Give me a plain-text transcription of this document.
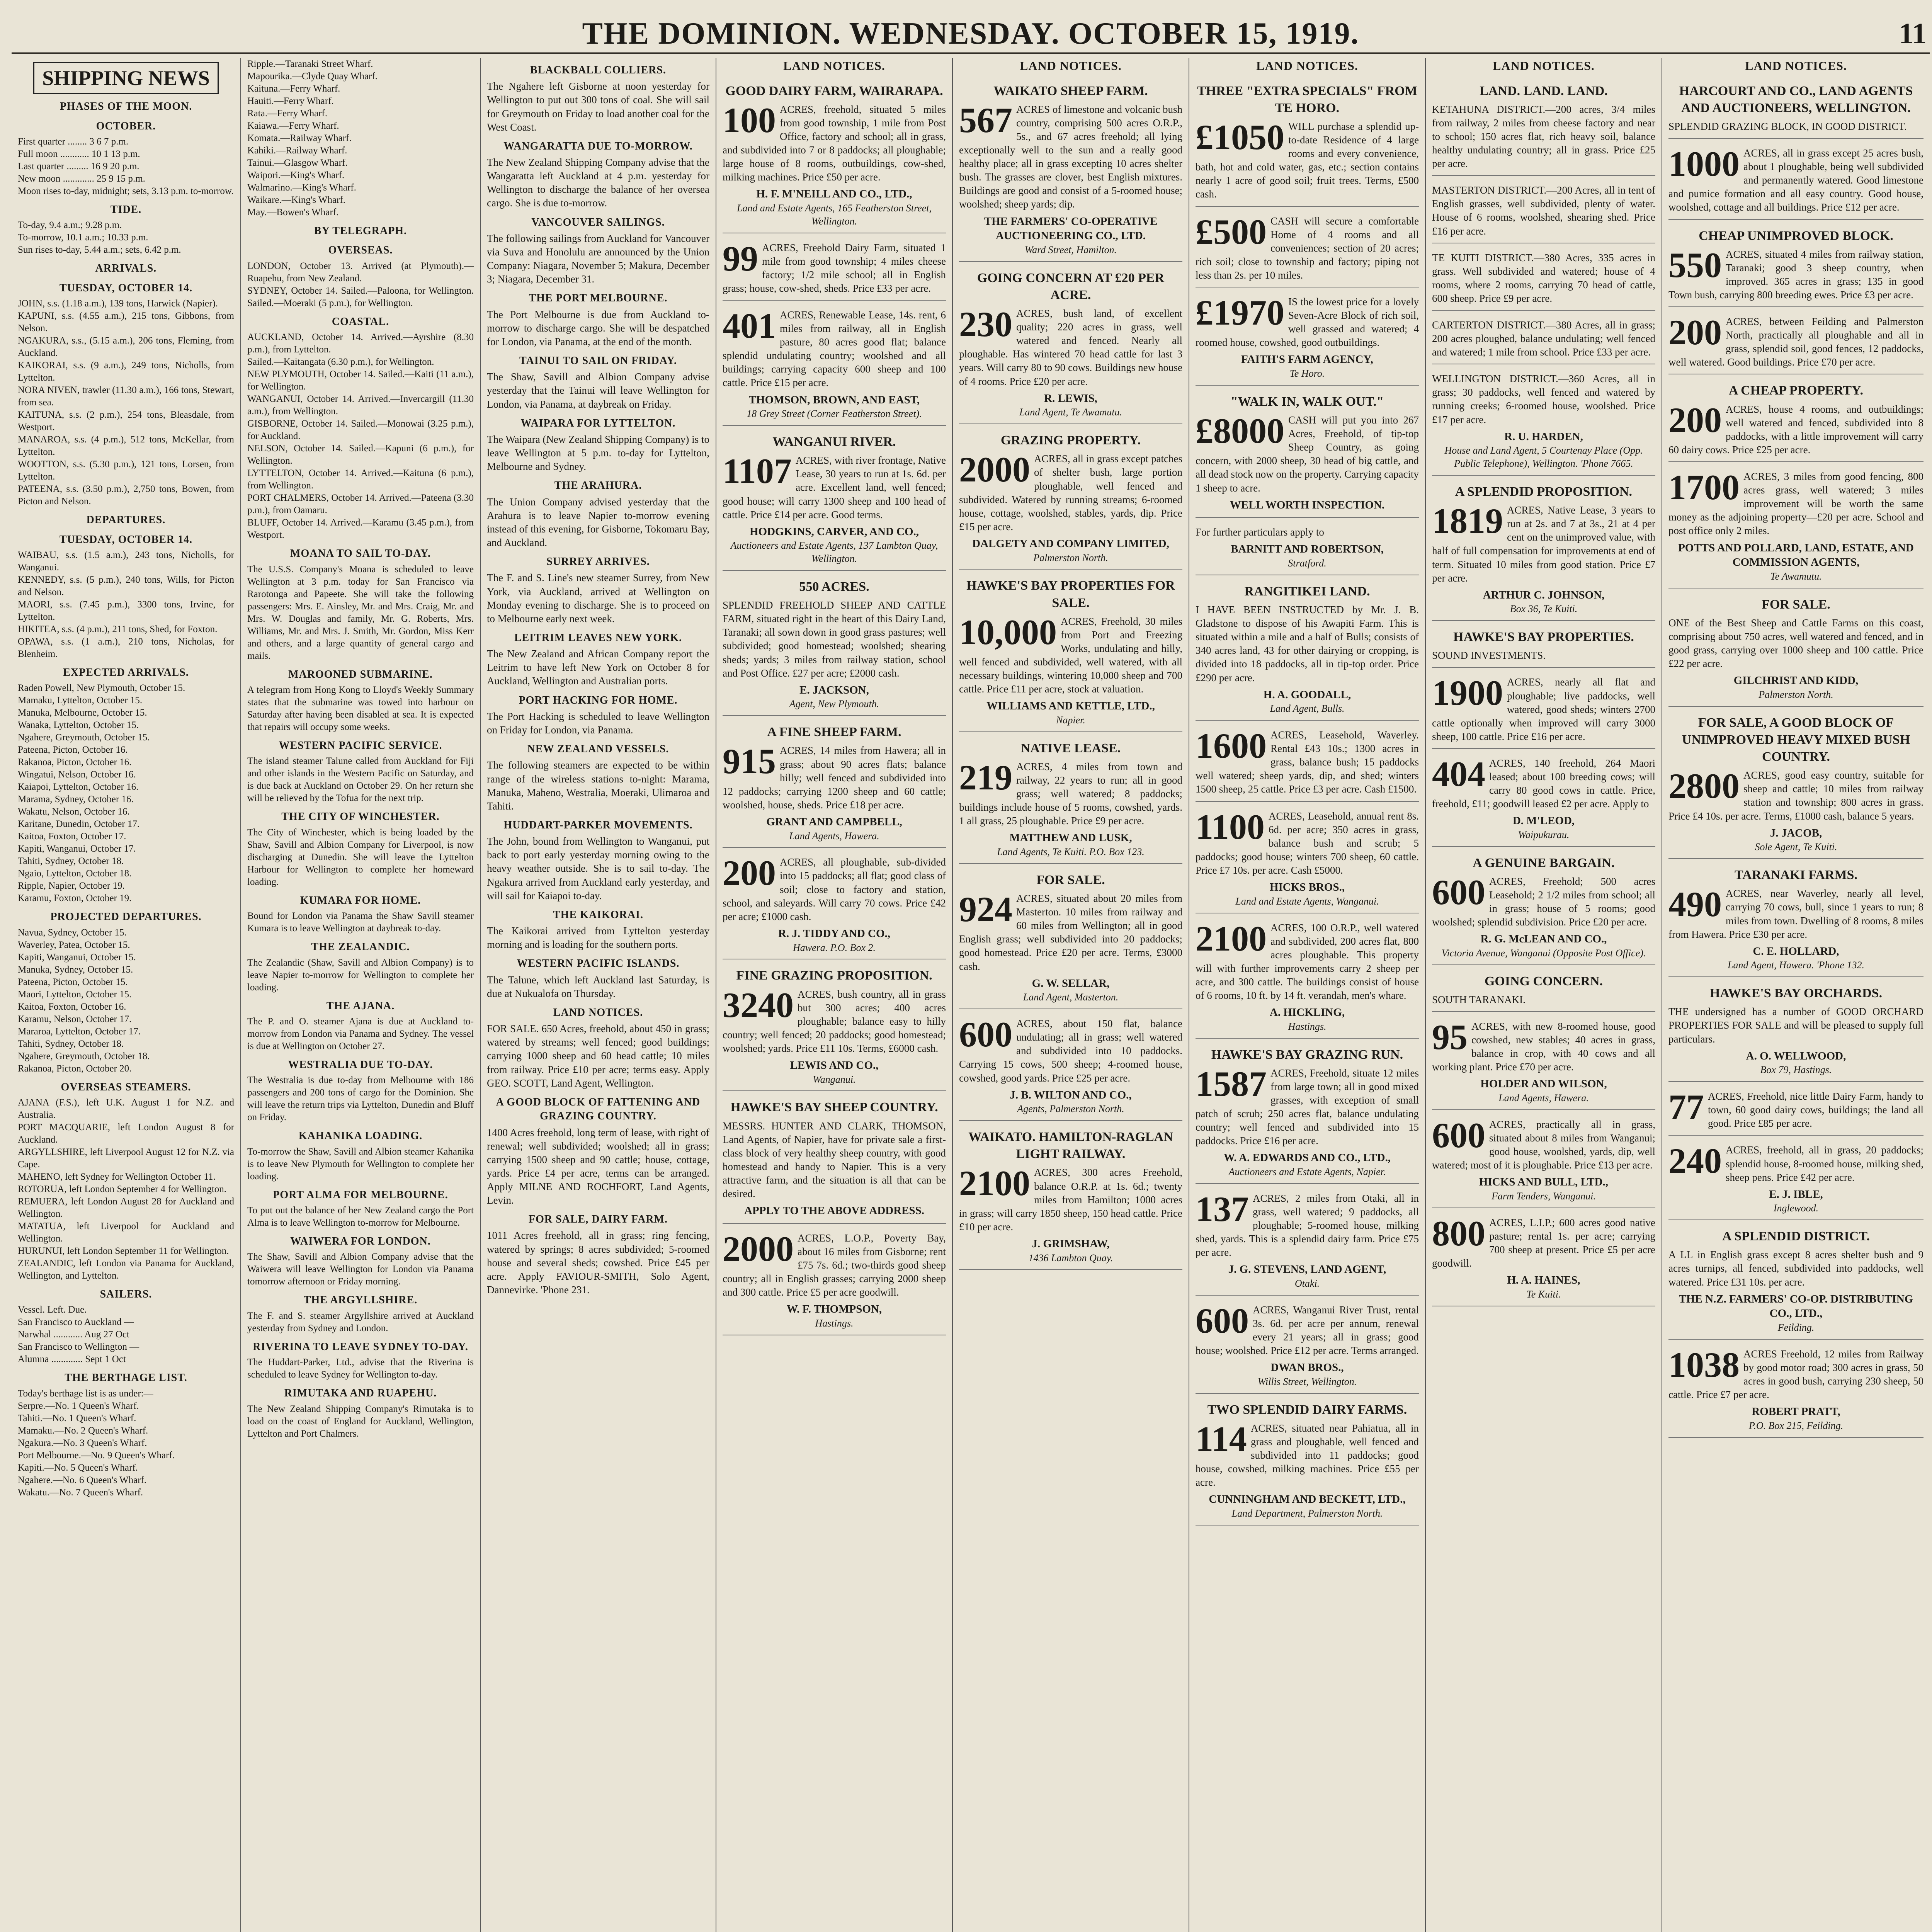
THE DOMINION. WEDNESDAY. OCTOBER 15, 1919.	11
SHIPPING NEWS
PHASES OF THE MOON.
OCTOBER.

First quarter ........ 3 6 7 p.m.

Full moon ............ 10 1 13 p.m.

Last quarter ......... 16 9 20 p.m.

New moon ............. 25 9 15 p.m.

Moon rises to-day, midnight; sets, 3.13 p.m. to-morrow.

TIDE.

To-day, 9.4 a.m.; 9.28 p.m.

To-morrow, 10.1 a.m.; 10.33 p.m.

Sun rises to-day, 5.44 a.m.; sets, 6.42 p.m.

ARRIVALS.
TUESDAY, OCTOBER 14.

JOHN, s.s. (1.18 a.m.), 139 tons, Harwick (Napier).

KAPUNI, s.s. (4.55 a.m.), 215 tons, Gibbons, from Nelson.

NGAKURA, s.s., (5.15 a.m.), 206 tons, Fleming, from Auckland.

KAIKORAI, s.s. (9 a.m.), 249 tons, Nicholls, from Lyttelton.

NORA NIVEN, trawler (11.30 a.m.), 166 tons, Stewart, from sea.

KAITUNA, s.s. (2 p.m.), 254 tons, Bleasdale, from Westport.

MANAROA, s.s. (4 p.m.), 512 tons, McKellar, from Lyttelton.

WOOTTON, s.s. (5.30 p.m.), 121 tons, Lorsen, from Lyttelton.

PATEENA, s.s. (3.50 p.m.), 2,750 tons, Bowen, from Picton and Nelson.

DEPARTURES.
TUESDAY, OCTOBER 14.

WAIBAU, s.s. (1.5 a.m.), 243 tons, Nicholls, for Wanganui.

KENNEDY, s.s. (5 p.m.), 240 tons, Wills, for Picton and Nelson.

MAORI, s.s. (7.45 p.m.), 3300 tons, Irvine, for Lyttelton.

HIKITEA, s.s. (4 p.m.), 211 tons, Shed, for Foxton.

OPAWA, s.s. (1 a.m.), 210 tons, Nicholas, for Blenheim.

EXPECTED ARRIVALS.

Raden Powell, New Plymouth, October 15.

Mamaku, Lyttelton, October 15.

Manuka, Melbourne, October 15.

Wanaka, Lyttelton, October 15.

Ngahere, Greymouth, October 15.

Pateena, Picton, October 16.

Rakanoa, Picton, October 16.

Wingatui, Nelson, October 16.

Kaiapoi, Lyttelton, October 16.

Marama, Sydney, October 16.

Wakatu, Nelson, October 16.

Karitane, Dunedin, October 17.

Kaitoa, Foxton, October 17.

Kapiti, Wanganui, October 17.

Tahiti, Sydney, October 18.

Ngaio, Lyttelton, October 18.

Ripple, Napier, October 19.

Karamu, Foxton, October 19.

PROJECTED DEPARTURES.

Navua, Sydney, October 15.

Waverley, Patea, October 15.

Kapiti, Wanganui, October 15.

Manuka, Sydney, October 15.

Pateena, Picton, October 15.

Maori, Lyttelton, October 15.

Kaitoa, Foxton, October 16.

Karamu, Nelson, October 17.

Mararoa, Lyttelton, October 17.

Tahiti, Sydney, October 18.

Ngahere, Greymouth, October 18.

Rakanoa, Picton, October 20.

OVERSEAS STEAMERS.

AJANA (F.S.), left U.K. August 1 for N.Z. and Australia.

PORT MACQUARIE, left London August 8 for Auckland.

ARGYLLSHIRE, left Liverpool August 12 for N.Z. via Cape.

MAHENO, left Sydney for Wellington October 11.

ROTORUA, left London September 4 for Wellington.

REMUERA, left London August 28 for Auckland and Wellington.

MATATUA, left Liverpool for Auckland and Wellington.

HURUNUI, left London September 11 for Wellington.

ZEALANDIC, left London via Panama for Auckland, Wellington, and Lyttelton.

SAILERS.

Vessel. Left. Due.

San Francisco to Auckland —

Narwhal ............ Aug 27 Oct

San Francisco to Wellington —

Alumna ............. Sept 1 Oct

THE BERTHAGE LIST.

Today's berthage list is as under:—

Serpre.—No. 1 Queen's Wharf.

Tahiti.—No. 1 Queen's Wharf.

Mamaku.—No. 2 Queen's Wharf.

Ngakura.—No. 3 Queen's Wharf.

Port Melbourne.—No. 9 Queen's Wharf.

Kapiti.—No. 5 Queen's Wharf.

Ngahere.—No. 6 Queen's Wharf.

Wakatu.—No. 7 Queen's Wharf.

Ripple.—Taranaki Street Wharf.

Mapourika.—Clyde Quay Wharf.

Kaituna.—Ferry Wharf.

Hauiti.—Ferry Wharf.

Rata.—Ferry Wharf.

Kaiawa.—Ferry Wharf.

Komata.—Railway Wharf.

Kahiki.—Railway Wharf.

Tainui.—Glasgow Wharf.

Waipori.—King's Wharf.

Walmarino.—King's Wharf.

Waikare.—King's Wharf.

May.—Bowen's Wharf.

BY TELEGRAPH.
OVERSEAS.

LONDON, October 13. Arrived (at Plymouth).—Ruapehu, from New Zealand.

SYDNEY, October 14. Sailed.—Paloona, for Wellington. Sailed.—Moeraki (5 p.m.), for Wellington.

COASTAL.

AUCKLAND, October 14. Arrived.—Ayrshire (8.30 p.m.), from Lyttelton.

Sailed.—Kaitangata (6.30 p.m.), for Wellington.

NEW PLYMOUTH, October 14. Sailed.—Kaiti (11 a.m.), for Wellington.

WANGANUI, October 14. Arrived.—Invercargill (11.30 a.m.), from Wellington.

GISBORNE, October 14. Sailed.—Monowai (3.25 p.m.), for Auckland.

NELSON, October 14. Sailed.—Kapuni (6 p.m.), for Wellington.

LYTTELTON, October 14. Arrived.—Kaituna (6 p.m.), from Wellington.

PORT CHALMERS, October 14. Arrived.—Pateena (3.30 p.m.), from Oamaru.

BLUFF, October 14. Arrived.—Karamu (3.45 p.m.), from Westport.

MOANA TO SAIL TO-DAY.

The U.S.S. Company's Moana is scheduled to leave Wellington at 3 p.m. today for San Francisco via Rarotonga and Papeete. She will take the following passengers: Mrs. E. Ainsley, Mr. and Mrs. Craig, Mr. and Mrs. W. Douglas and family, Mr. G. Roberts, Mrs. Williams, Mr. and Mrs. J. Smith, Mr. Gordon, Miss Kerr and others, and a large quantity of general cargo and mails.

MAROONED SUBMARINE.

A telegram from Hong Kong to Lloyd's Weekly Summary states that the submarine was towed into harbour on Saturday after having been disabled at sea. It is expected that repairs will occupy some weeks.

WESTERN PACIFIC SERVICE.

The island steamer Talune called from Auckland for Fiji and other islands in the Western Pacific on Saturday, and is due back at Auckland on October 29. On her return she will be relieved by the Tofua for the next trip.

THE CITY OF WINCHESTER.

The City of Winchester, which is being loaded by the Shaw, Savill and Albion Company for Liverpool, is now discharging at Dunedin. She will leave the Lyttelton Harbour for Wellington to complete her homeward loading.

KUMARA FOR HOME.

Bound for London via Panama the Shaw Savill steamer Kumara is to leave Wellington at daybreak to-day.

THE ZEALANDIC.

The Zealandic (Shaw, Savill and Albion Company) is to leave Napier to-morrow for Wellington to complete her loading.

THE AJANA.

The P. and O. steamer Ajana is due at Auckland to-morrow from London via Panama and Sydney. The vessel is due at Wellington on October 27.

WESTRALIA DUE TO-DAY.

The Westralia is due to-day from Melbourne with 186 passengers and 200 tons of cargo for the Dominion. She will leave the return trips via Lyttelton, Dunedin and Bluff on Friday.

KAHANIKA LOADING.

To-morrow the Shaw, Savill and Albion steamer Kahanika is to leave New Plymouth for Wellington to complete her loading.

PORT ALMA FOR MELBOURNE.

To put out the balance of her New Zealand cargo the Port Alma is to leave Wellington to-morrow for Melbourne.

WAIWERA FOR LONDON.

The Shaw, Savill and Albion Company advise that the Waiwera will leave Wellington for London via Panama tomorrow afternoon or Friday morning.

THE ARGYLLSHIRE.

The F. and S. steamer Argyllshire arrived at Auckland yesterday from Sydney and London.

RIVERINA TO LEAVE SYDNEY TO-DAY.

The Huddart-Parker, Ltd., advise that the Riverina is scheduled to leave Sydney for Wellington to-day.

RIMUTAKA AND RUAPEHU.

The New Zealand Shipping Company's Rimutaka is to load on the coast of England for Auckland, Wellington, Lyttelton and Port Chalmers.

BLACKBALL COLLIERS.

The Ngahere left Gisborne at noon yesterday for Wellington to put out 300 tons of coal. She will sail for Greymouth on Friday to load another coal for the West Coast.

WANGARATTA DUE TO-MORROW.

The New Zealand Shipping Company advise that the Wangaratta left Auckland at 4 p.m. yesterday for Wellington to discharge the balance of her oversea cargo. She is due to-morrow.

VANCOUVER SAILINGS.

The following sailings from Auckland for Vancouver via Suva and Honolulu are announced by the Union Company: Niagara, November 5; Makura, December 3; Niagara, December 31.

THE PORT MELBOURNE.

The Port Melbourne is due from Auckland to-morrow to discharge cargo. She will be despatched for London, via Panama, at the end of the month.

TAINUI TO SAIL ON FRIDAY.

The Shaw, Savill and Albion Company advise yesterday that the Tainui will leave Wellington for London, via Panama, at daybreak on Friday.

WAIPARA FOR LYTTELTON.

The Waipara (New Zealand Shipping Company) is to leave Wellington at 5 p.m. to-day for Lyttelton, Melbourne and Sydney.

THE ARAHURA.

The Union Company advised yesterday that the Arahura is to leave Napier to-morrow evening instead of this evening, for Gisborne, Tokomaru Bay, and Auckland.

SURREY ARRIVES.

The F. and S. Line's new steamer Surrey, from New York, via Auckland, arrived at Wellington on Monday evening to discharge. She is to proceed on to Melbourne early next week.

LEITRIM LEAVES NEW YORK.

The New Zealand and African Company report the Leitrim to have left New York on October 8 for Auckland, Wellington and Australian ports.

PORT HACKING FOR HOME.

The Port Hacking is scheduled to leave Wellington on Friday for London, via Panama.

NEW ZEALAND VESSELS.

The following steamers are expected to be within range of the wireless stations to-night: Marama, Manuka, Maheno, Westralia, Moeraki, Ulimaroa and Tahiti.

HUDDART-PARKER MOVEMENTS.

The John, bound from Wellington to Wanganui, put back to port early yesterday morning owing to the heavy weather outside. She is to sail to-day. The Ngakura arrived from Auckland early yesterday, and will sail for Kaiapoi to-day.

THE KAIKORAI.

The Kaikorai arrived from Lyttelton yesterday morning and is loading for the southern ports.

WESTERN PACIFIC ISLANDS.

The Talune, which left Auckland last Saturday, is due at Nukualofa on Thursday.

LAND NOTICES.

FOR SALE. 650 Acres, freehold, about 450 in grass; watered by streams; well fenced; good buildings; carrying 1000 sheep and 60 head cattle; 10 miles from railway. Price £10 per acre; terms easy. Apply GEO. SCOTT, Land Agent, Wellington.

A GOOD BLOCK OF FATTENING AND GRAZING COUNTRY.

1400 Acres freehold, long term of lease, with right of renewal; well subdivided; woolshed; all in grass; carrying 1500 sheep and 90 cattle; house, cottage, yards. Price £4 per acre, terms can be arranged. Apply MILNE AND ROCHFORT, Land Agents, Levin.

FOR SALE, DAIRY FARM.

1011 Acres freehold, all in grass; ring fencing, watered by springs; 8 acres subdivided; 5-roomed house and several sheds; cowshed. Price £45 per acre. Apply FAVIOUR-SMITH, Solo Agent, Dannevirke. 'Phone 231.

LAND NOTICES.
GOOD DAIRY FARM, WAIRARAPA.

100 ACRES, freehold, situated 5 miles from good township, 1 mile from Post Office, factory and school; all in grass, and subdivided into 7 or 8 paddocks; all ploughable; large house of 8 rooms, outbuildings, cow-shed, milking machines. Price £50 per acre.

H. F. M'NEILL AND CO., LTD.,
Land and Estate Agents, 165 Featherston Street, Wellington.

99 ACRES, Freehold Dairy Farm, situated 1 mile from good township; 4 miles cheese factory; 1/2 mile school; all in English grass; house, cow-shed, sheds. Price £33 per acre.

401 ACRES, Renewable Lease, 14s. rent, 6 miles from railway, all in English pasture, 80 acres good flat; balance splendid undulating country; woolshed and all buildings; carrying capacity 600 sheep and 100 cattle. Price £15 per acre.

THOMSON, BROWN, AND EAST,
18 Grey Street (Corner Featherston Street).
WANGANUI RIVER.

1107 ACRES, with river frontage, Native Lease, 30 years to run at 1s. 6d. per acre. Excellent land, well fenced; good house; will carry 1300 sheep and 100 head of cattle. Price £14 per acre. Good terms.

HODGKINS, CARVER, AND CO.,
Auctioneers and Estate Agents, 137 Lambton Quay, Wellington.
550 ACRES.

SPLENDID FREEHOLD SHEEP AND CATTLE FARM, situated right in the heart of this Dairy Land, Taranaki; all sown down in good grass pastures; well subdivided; good homestead; woolshed; shearing sheds; yards; 3 miles from railway station, school and Post Office. £27 per acre; £2000 cash.

E. JACKSON,
Agent, New Plymouth.
A FINE SHEEP FARM.

915 ACRES, 14 miles from Hawera; all in grass; about 90 acres flats; balance hilly; well fenced and subdivided into 12 paddocks; carrying 1200 sheep and 60 cattle; woolshed, house, sheds. Price £18 per acre.

GRANT AND CAMPBELL,
Land Agents, Hawera.

200 ACRES, all ploughable, sub-divided into 15 paddocks; all flat; good class of soil; close to factory and station, school, and saleyards. Will carry 70 cows. Price £42 per acre; £1000 cash.

R. J. TIDDY AND CO.,
Hawera. P.O. Box 2.
FINE GRAZING PROPOSITION.

3240 ACRES, bush country, all in grass but 300 acres; 400 acres ploughable; balance easy to hilly country; well fenced; 20 paddocks; good homestead; woolshed; yards. Price £11 10s. Terms, £6000 cash.

LEWIS AND CO.,
Wanganui.
HAWKE'S BAY SHEEP COUNTRY.

MESSRS. HUNTER AND CLARK, THOMSON, Land Agents, of Napier, have for private sale a first-class block of very healthy sheep country, with good homestead and handy to Napier. This is a very attractive farm, and the situation is all that can be desired.

APPLY TO THE ABOVE ADDRESS.

2000 ACRES, L.O.P., Poverty Bay, about 16 miles from Gisborne; rent £75 7s. 6d.; two-thirds good sheep country; all in English grasses; carrying 2000 sheep and 300 cattle. Price £5 per acre goodwill.

W. F. THOMPSON,
Hastings.
LAND NOTICES.
WAIKATO SHEEP FARM.

567 ACRES of limestone and volcanic bush country, comprising 500 acres O.R.P., 5s., and 67 acres freehold; all lying exceptionally well to the sun and a really good healthy place; all in grass excepting 10 acres shelter bush. The grasses are clover, best English mixtures. Buildings are good and consist of a 5-roomed house; woolshed; sheep yards; dip.

THE FARMERS' CO-OPERATIVE AUCTIONEERING CO., LTD.
Ward Street, Hamilton.
GOING CONCERN AT £20 PER ACRE.

230 ACRES, bush land, of excellent quality; 220 acres in grass, well watered and fenced. Nearly all ploughable. Has wintered 70 head cattle for last 3 years. Will carry 80 to 90 cows. Buildings new house of 4 rooms. Price £20 per acre.

R. LEWIS,
Land Agent, Te Awamutu.
GRAZING PROPERTY.

2000 ACRES, all in grass except patches of shelter bush, large portion ploughable, well fenced and subdivided. Watered by running streams; 6-roomed house, cottage, woolshed, stables, yards, dip. Price £15 per acre.

DALGETY AND COMPANY LIMITED,
Palmerston North.
HAWKE'S BAY PROPERTIES FOR SALE.

10,000 ACRES, Freehold, 30 miles from Port and Freezing Works, undulating and hilly, well fenced and subdivided, well watered, with all necessary buildings, wintering 10,000 sheep and 700 cattle. Price £11 per acre, stock at valuation.

WILLIAMS AND KETTLE, LTD.,
Napier.
NATIVE LEASE.

219 ACRES, 4 miles from town and railway, 22 years to run; all in good grass; well watered; 8 paddocks; buildings include house of 5 rooms, cowshed, yards. 1 all grass, 25 ploughable. Price £9 per acre.

MATTHEW AND LUSK,
Land Agents, Te Kuiti. P.O. Box 123.
FOR SALE.

924 ACRES, situated about 20 miles from Masterton. 10 miles from railway and 60 miles from Wellington; all in good English grass; well subdivided into 20 paddocks; good homestead. Price £20 per acre. Terms, £3000 cash.

G. W. SELLAR,
Land Agent, Masterton.

600 ACRES, about 150 flat, balance undulating; all in grass; well watered and subdivided into 10 paddocks. Carrying 15 cows, 500 sheep; 4-roomed house, cowshed, good yards. Price £25 per acre.

J. B. WILTON AND CO.,
Agents, Palmerston North.
WAIKATO. HAMILTON-RAGLAN LIGHT RAILWAY.

2100 ACRES, 300 acres Freehold, balance O.R.P. at 1s. 6d.; twenty miles from Hamilton; 1000 acres in grass; will carry 1850 sheep, 150 head cattle. Price £10 per acre.

J. GRIMSHAW,
1436 Lambton Quay.
LAND NOTICES.
THREE "EXTRA SPECIALS" FROM TE HORO.

£1050 WILL purchase a splendid up-to-date Residence of 4 large rooms and every convenience, bath, hot and cold water, gas, etc.; section contains nearly 1 acre of good soil; fruit trees. Terms, £500 cash.

£500 CASH will secure a comfortable Home of 4 rooms and all conveniences; section of 20 acres; rich soil; close to township and factory; piping not less than 2s. per 10 miles.

£1970 IS the lowest price for a lovely Seven-Acre Block of rich soil, well grassed and watered; 4 roomed house, cowshed, good outbuildings.

FAITH'S FARM AGENCY,
Te Horo.
"WALK IN, WALK OUT."

£8000 CASH will put you into 267 Acres, Freehold, of tip-top Sheep Country, as going concern, with 2000 sheep, 30 head of big cattle, and all dead stock now on the property. Carrying capacity 1 sheep to acre.

WELL WORTH INSPECTION.

For further particulars apply to

BARNITT AND ROBERTSON,
Stratford.
RANGITIKEI LAND.

I HAVE BEEN INSTRUCTED by Mr. J. B. Gladstone to dispose of his Awapiti Farm. This is situated within a mile and a half of Bulls; consists of 340 acres land, 43 for other dairying or cropping, is divided into 18 paddocks, all in tip-top order. Price £290 per acre.

H. A. GOODALL,
Land Agent, Bulls.

1600 ACRES, Leasehold, Waverley. Rental £43 10s.; 1300 acres in grass, balance bush; 15 paddocks well watered; sheep yards, dip, and shed; winters 1500 sheep, 25 cattle. Price £3 per acre. Cash £1500.

1100 ACRES, Leasehold, annual rent 8s. 6d. per acre; 350 acres in grass, balance bush and scrub; 5 paddocks; good house; winters 700 sheep, 60 cattle. Price £7 10s. per acre. Cash £5000.

HICKS BROS.,
Land and Estate Agents, Wanganui.

2100 ACRES, 100 O.R.P., well watered and subdivided, 200 acres flat, 800 acres ploughable. This property will with further improvements carry 2 sheep per acre, and 300 cattle. The buildings consist of house of 6 rooms, 10 ft. by 14 ft. verandah, men's whare.

A. HICKLING,
Hastings.
HAWKE'S BAY GRAZING RUN.

1587 ACRES, Freehold, situate 12 miles from large town; all in good mixed grasses, with exception of small patch of scrub; 250 acres flat, balance undulating country; well fenced and subdivided into 15 paddocks. Price £16 per acre.

W. A. EDWARDS AND CO., LTD.,
Auctioneers and Estate Agents, Napier.

137 ACRES, 2 miles from Otaki, all in grass, well watered; 9 paddocks, all ploughable; 5-roomed house, milking shed, yards. This is a splendid dairy farm. Price £75 per acre.

J. G. STEVENS, LAND AGENT,
Otaki.

600 ACRES, Wanganui River Trust, rental 3s. 6d. per acre per annum, renewal every 21 years; all in grass; good house; woolshed. Price £12 per acre. Terms arranged.

DWAN BROS.,
Willis Street, Wellington.
TWO SPLENDID DAIRY FARMS.

114 ACRES, situated near Pahiatua, all in grass and ploughable, well fenced and subdivided into 11 paddocks; good house, cowshed, milking machines. Price £55 per acre.

CUNNINGHAM AND BECKETT, LTD.,
Land Department, Palmerston North.
LAND NOTICES.
LAND. LAND. LAND.

KETAHUNA DISTRICT.—200 acres, 3/4 miles from railway, 2 miles from cheese factory and near to school; 150 acres flat, rich heavy soil, balance healthy undulating country; all in grass. Price £25 per acre.

MASTERTON DISTRICT.—200 Acres, all in tent of English grasses, well subdivided, plenty of water. House of 6 rooms, woolshed, shearing shed. Price £16 per acre.

TE KUITI DISTRICT.—380 Acres, 335 acres in grass. Well subdivided and watered; house of 4 rooms, where 2 rooms, carrying 70 head of cattle, 600 sheep. Price £9 per acre.

CARTERTON DISTRICT.—380 Acres, all in grass; 200 acres ploughed, balance undulating; well fenced and watered; 1 mile from school. Price £33 per acre.

WELLINGTON DISTRICT.—360 Acres, all in grass; 30 paddocks, well fenced and watered by running creeks; 6-roomed house, woolshed. Price £17 per acre.

R. U. HARDEN,
House and Land Agent, 5 Courtenay Place (Opp. Public Telephone), Wellington. 'Phone 7665.
A SPLENDID PROPOSITION.

1819 ACRES, Native Lease, 3 years to run at 2s. and 7 at 3s., 21 at 4 per cent on the unimproved value, with half of full compensation for improvements at end of term. Situated 10 miles from good station. Price £7 per acre.

ARTHUR C. JOHNSON,
Box 36, Te Kuiti.
HAWKE'S BAY PROPERTIES.

SOUND INVESTMENTS.

1900 ACRES, nearly all flat and ploughable; live paddocks, well watered, good sheds; winters 2700 cattle optionally when improved will carry 3000 sheep, 100 cattle. Price £16 per acre.

404 ACRES, 140 freehold, 264 Maori leased; about 100 breeding cows; will carry 80 good cows in cattle. Price, freehold, £11; goodwill leased £2 per acre. Apply to

D. M'LEOD,
Waipukurau.
A GENUINE BARGAIN.

600 ACRES, Freehold; 500 acres Leasehold; 2 1/2 miles from school; all in grass; house of 5 rooms; good woolshed; splendid subdivision. Price £20 per acre.

R. G. McLEAN AND CO.,
Victoria Avenue, Wanganui (Opposite Post Office).
GOING CONCERN.

SOUTH TARANAKI.

95 ACRES, with new 8-roomed house, good cowshed, new stables; 40 acres in grass, balance in crop, with 40 cows and all working plant. Price £70 per acre.

HOLDER AND WILSON,
Land Agents, Hawera.

600 ACRES, practically all in grass, situated about 8 miles from Wanganui; good house, woolshed, yards, dip, well watered; most of it is ploughable. Price £13 per acre.

HICKS AND BULL, LTD.,
Farm Tenders, Wanganui.

800 ACRES, L.I.P.; 600 acres good native pasture; rental 1s. per acre; carrying 700 sheep at present. Price £5 per acre goodwill.

H. A. HAINES,
Te Kuiti.
LAND NOTICES.
HARCOURT AND CO., LAND AGENTS AND AUCTIONEERS, WELLINGTON.

SPLENDID GRAZING BLOCK, IN GOOD DISTRICT.

1000 ACRES, all in grass except 25 acres bush, about 1 ploughable, being well subdivided and permanently watered. Good limestone and pumice formation and all easy country. Good house, woolshed, cottage and all buildings. Price £12 per acre.

CHEAP UNIMPROVED BLOCK.

550 ACRES, situated 4 miles from railway station, Taranaki; good 3 sheep country, when improved. 365 acres in grass; 135 in good Town bush, carrying 800 breeding ewes. Price £3 per acre.

200 ACRES, between Feilding and Palmerston North, practically all ploughable and all in grass, splendid soil, good fences, 12 paddocks, well watered. Good buildings. Price £70 per acre.

A CHEAP PROPERTY.

200 ACRES, house 4 rooms, and outbuildings; well watered and fenced, subdivided into 8 paddocks, with a little improvement will carry 60 dairy cows. Price £25 per acre.

1700 ACRES, 3 miles from good fencing, 800 acres grass, well watered; 3 miles improvement will be worth the same money as the adjoining property—£20 per acre. School and post office only 2 miles.

POTTS AND POLLARD, LAND, ESTATE, AND COMMISSION AGENTS,
Te Awamutu.
FOR SALE.

ONE of the Best Sheep and Cattle Farms on this coast, comprising about 750 acres, well watered and fenced, and in good grass, carrying over 1000 sheep and 100 cattle. Price £22 per acre.

GILCHRIST AND KIDD,
Palmerston North.
FOR SALE, A GOOD BLOCK OF UNIMPROVED HEAVY MIXED BUSH COUNTRY.

2800 ACRES, good easy country, suitable for sheep and cattle; 10 miles from railway station and township; 800 acres in grass. Price £4 10s. per acre. Terms, £1000 cash, balance 5 years.

J. JACOB,
Sole Agent, Te Kuiti.
TARANAKI FARMS.

490 ACRES, near Waverley, nearly all level, carrying 70 cows, bull, since 1 years to run; 8 miles from town. Dwelling of 8 rooms, 8 miles from Hawera. Price £30 per acre.

C. E. HOLLARD,
Land Agent, Hawera. 'Phone 132.
HAWKE'S BAY ORCHARDS.

THE undersigned has a number of GOOD ORCHARD PROPERTIES FOR SALE and will be pleased to supply full particulars.

A. O. WELLWOOD,
Box 79, Hastings.

77 ACRES, Freehold, nice little Dairy Farm, handy to town, 60 good dairy cows, buildings; the land all good. Price £85 per acre.

240 ACRES, freehold, all in grass, 20 paddocks; splendid house, 8-roomed house, milking shed, sheep pens. Price £42 per acre.

E. J. IBLE,
Inglewood.
A SPLENDID DISTRICT.

A LL in English grass except 8 acres shelter bush and 9 acres turnips, all fenced, subdivided into paddocks, well watered. Price £31 10s. per acre.

THE N.Z. FARMERS' CO-OP. DISTRIBUTING CO., LTD.,
Feilding.

1038 ACRES Freehold, 12 miles from Railway by good motor road; 300 acres in grass, 50 acres in good bush, carrying 230 sheep, 50 cattle. Price £7 per acre.

ROBERT PRATT,
P.O. Box 215, Feilding.
